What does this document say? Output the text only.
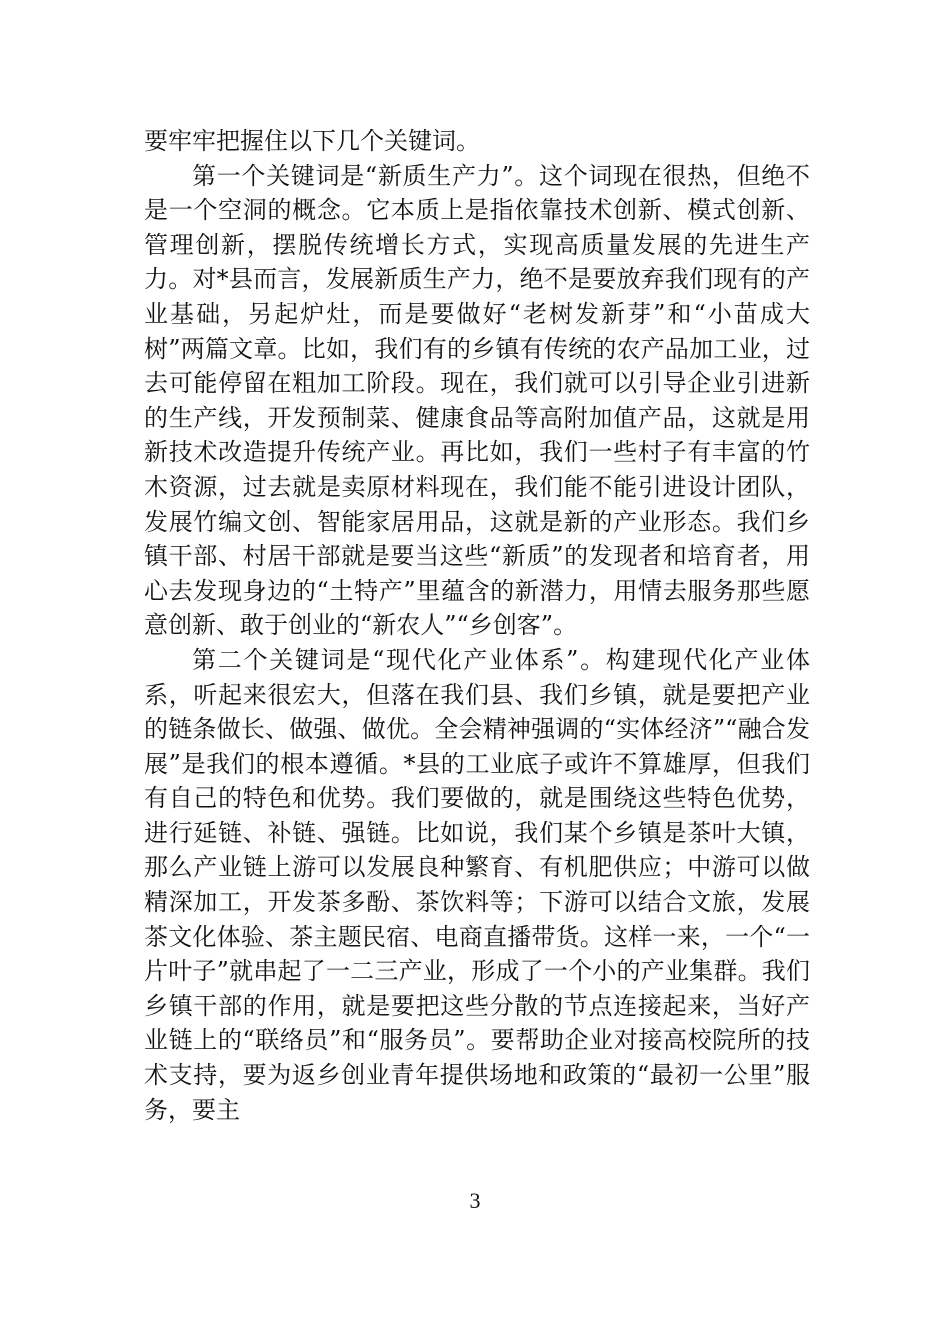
要牢牢把握住以下几个关键词。

第一个关键词是“新质生产力”。这个词现在很热，但绝不是一个空洞的概念。它本质上是指依靠技术创新、模式创新、管理创新，摆脱传统增长方式，实现高质量发展的先进生产力。对*县而言，发展新质生产力，绝不是要放弃我们现有的产业基础，另起炉灶，而是要做好“老树发新芽”和“小苗成大树”两篇文章。比如，我们有的乡镇有传统的农产品加工业，过去可能停留在粗加工阶段。现在，我们就可以引导企业引进新的生产线，开发预制菜、健康食品等高附加值产品，这就是用新技术改造提升传统产业。再比如，我们一些村子有丰富的竹木资源，过去就是卖原材料现在，我们能不能引进设计团队，发展竹编文创、智能家居用品，这就是新的产业形态。我们乡镇干部、村居干部就是要当这些“新质”的发现者和培育者，用心去发现身边的“土特产”里蕴含的新潜力，用情去服务那些愿意创新、敢于创业的“新农人”“乡创客”。

第二个关键词是“现代化产业体系”。构建现代化产业体系，听起来很宏大，但落在我们县、我们乡镇，就是要把产业的链条做长、做强、做优。全会精神强调的“实体经济”“融合发展”是我们的根本遵循。*县的工业底子或许不算雄厚，但我们有自己的特色和优势。我们要做的，就是围绕这些特色优势，进行延链、补链、强链。比如说，我们某个乡镇是茶叶大镇，那么产业链上游可以发展良种繁育、有机肥供应；中游可以做精深加工，开发茶多酚、茶饮料等；下游可以结合文旅，发展茶文化体验、茶主题民宿、电商直播带货。这样一来，一个“一片叶子”就串起了一二三产业，形成了一个小的产业集群。我们乡镇干部的作用，就是要把这些分散的节点连接起来，当好产业链上的“联络员”和“服务员”。要帮助企业对接高校院所的技术支持，要为返乡创业青年提供场地和政策的“最初一公里”服务，要主

3
